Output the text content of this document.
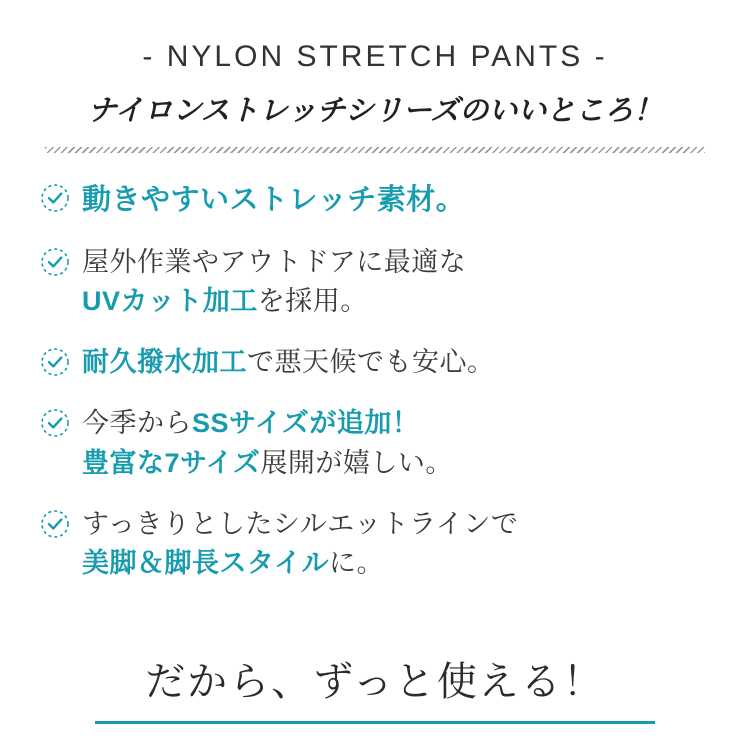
- NYLON STRETCH PANTS -
ナイロンストレッチシリーズのいいところ！
動きやすいストレッチ素材。
屋外作業やアウトドアに最適な
UVカット加工を採用。
耐久撥水加工で悪天候でも安心。
今季からSSサイズが追加！
豊富な7サイズ展開が嬉しい。
すっきりとしたシルエットラインで
美脚＆脚長スタイルに。
だから、ずっと使える！
